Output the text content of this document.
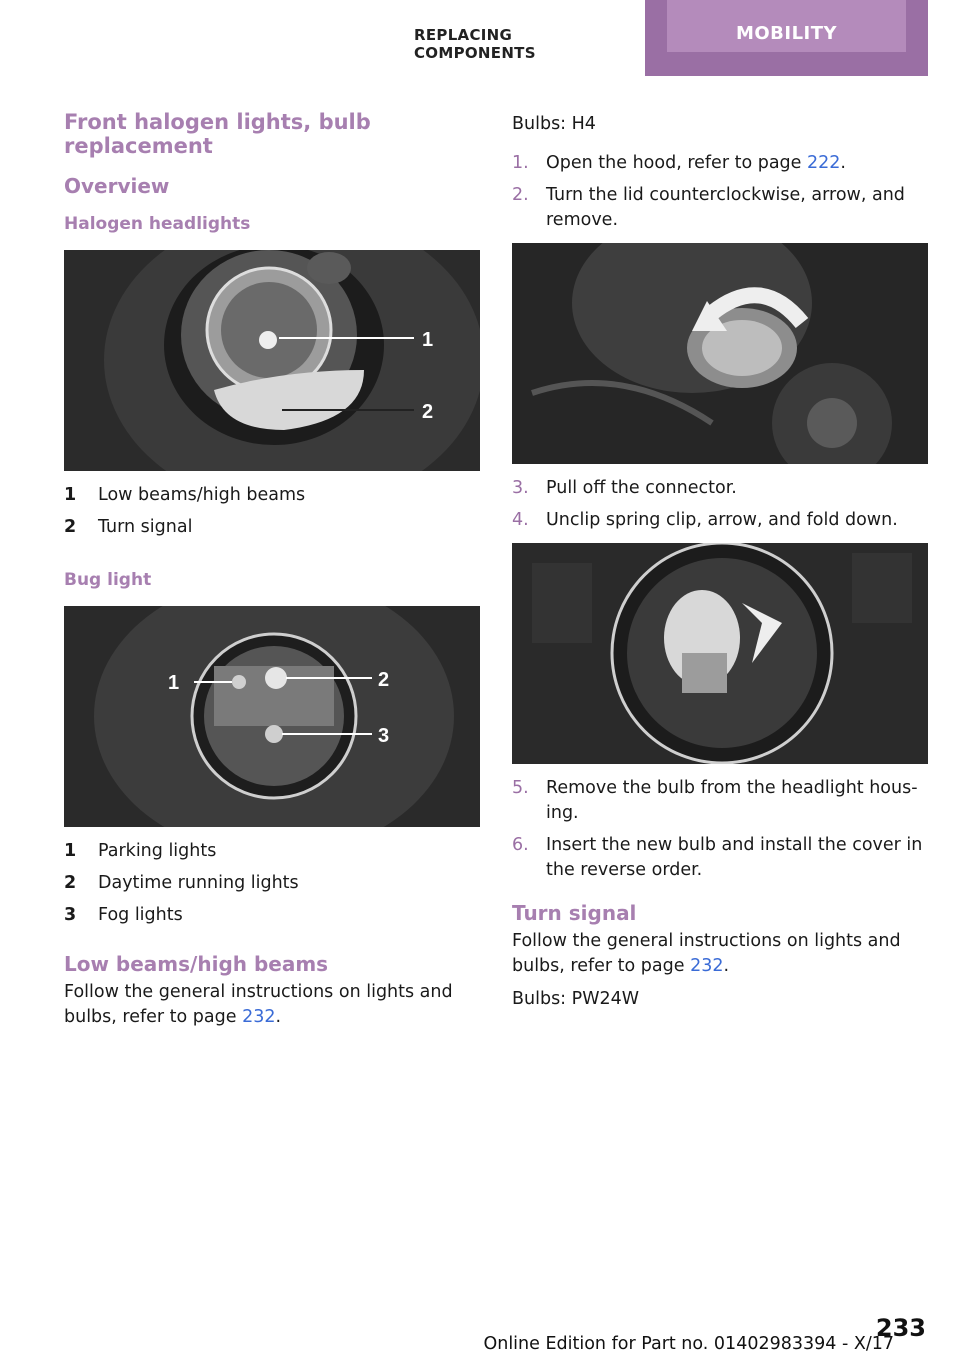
REPLACING COMPONENTS
MOBILITY
Front halogen lights, bulb replacement
Overview
Halogen headlights
1
2
1	Low beams/high beams
2	Turn signal
Bug light
1	2
3
1	Parking lights
2	Daytime running lights
3	Fog lights
Low beams/high beams

Follow the general instructions on lights and bulbs, refer to page 232.

Bulbs: H4

1. Open the hood, refer to page 222.
2. Turn the lid counterclockwise, arrow, and remove.
3. Pull off the connector.
4. Unclip spring clip, arrow, and fold down.
5. Remove the bulb from the headlight housing.
6. Insert the new bulb and install the cover in the reverse order.
Turn signal

Follow the general instructions on lights and bulbs, refer to page 232.

Bulbs: PW24W

Online Edition for Part no. 01402983394 - X/17
233
